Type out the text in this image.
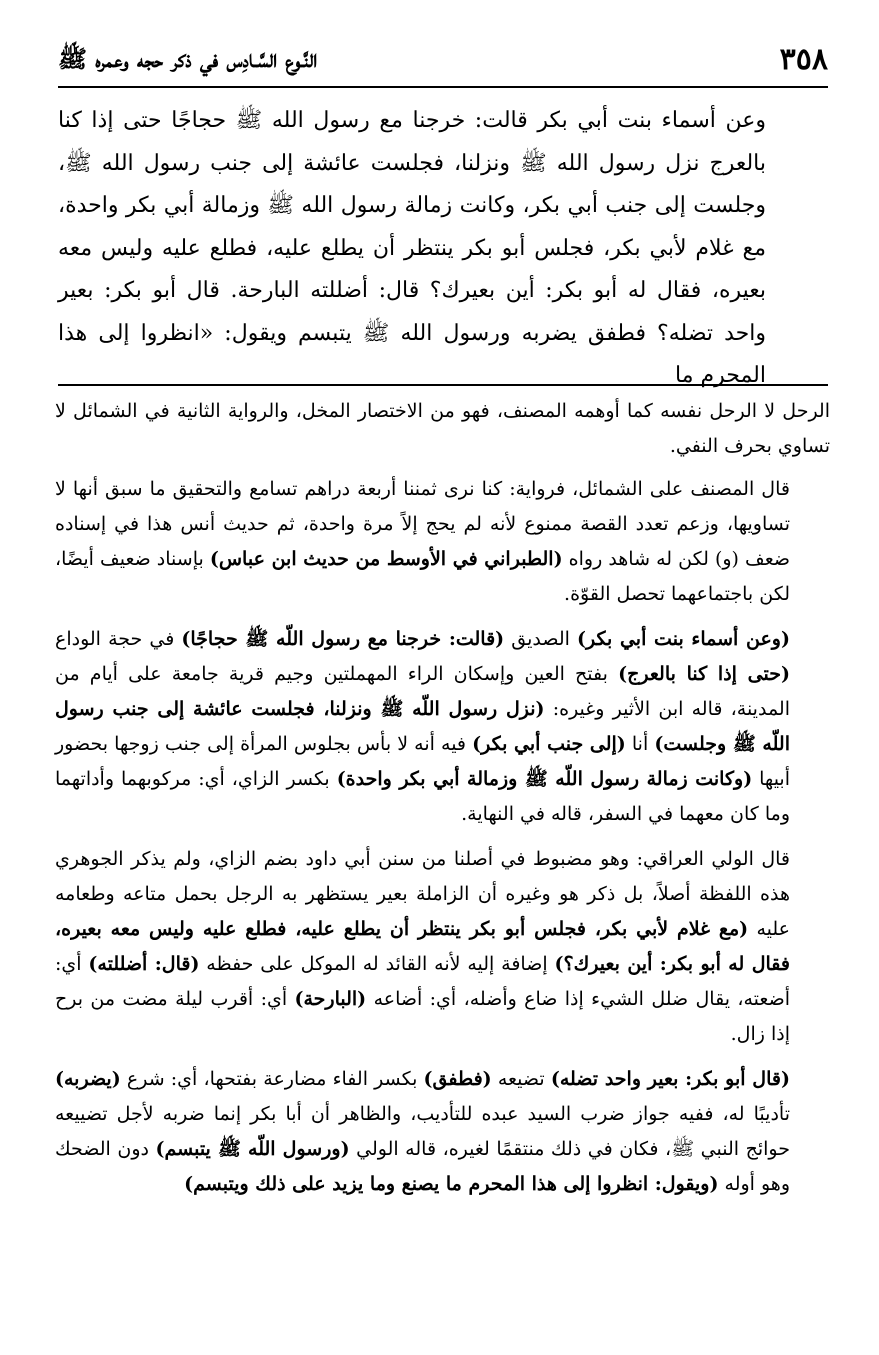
٣٥٨
النَّـوع السَّـادِس في ذكر حجه وعمره ﷺ

وعن أسماء بنت أبي بكر قالت: خرجنا مع رسول الله ﷺ حجاجًا حتى إذا كنا بالعرج نزل رسول الله ﷺ ونزلنا، فجلست عائشة إلى جنب رسول الله ﷺ، وجلست إلى جنب أبي بكر، وكانت زمالة رسول الله ﷺ وزمالة أبي بكر واحدة، مع غلام لأبي بكر، فجلس أبو بكر ينتظر أن يطلع عليه، فطلع عليه وليس معه بعيره، فقال له أبو بكر: أين بعيرك؟ قال: أضللته البارحة. قال أبو بكر: بعير واحد تضله؟ فطفق يضربه ورسول الله ﷺ يتبسم ويقول: «انظروا إلى هذا المحرم ما

الرحل لا الرحل نفسه كما أوهمه المصنف، فهو من الاختصار المخل، والرواية الثانية في الشمائل لا تساوي بحرف النفي.

قال المصنف على الشمائل، فرواية: كنا نرى ثمننا أربعة دراهم تسامع والتحقيق ما سبق أنها لا تساويها، وزعم تعدد القصة ممنوع لأنه لم يحج إلاً مرة واحدة، ثم حديث أنس هذا في إسناده ضعف (و) لكن له شاهد رواه (الطبراني في الأوسط من حديث ابن عباس) بإسناد ضعيف أيضًا، لكن باجتماعهما تحصل القوّة.

(وعن أسماء بنت أبي بكر) الصديق (قالت: خرجنا مع رسول اللّه ﷺ حجاجًا) في حجة الوداع (حتى إذا كنا بالعرج) بفتح العين وإسكان الراء المهملتين وجيم قرية جامعة على أيام من المدينة، قاله ابن الأثير وغيره: (نزل رسول اللّه ﷺ ونزلنا، فجلست عائشة إلى جنب رسول اللّه ﷺ وجلست) أنا (إلى جنب أبي بكر) فيه أنه لا بأس بجلوس المرأة إلى جنب زوجها بحضور أبيها (وكانت زمالة رسول اللّه ﷺ وزمالة أبي بكر واحدة) بكسر الزاي، أي: مركوبهما وأداتهما وما كان معهما في السفر، قاله في النهاية.

قال الولي العراقي: وهو مضبوط في أصلنا من سنن أبي داود بضم الزاي، ولم يذكر الجوهري هذه اللفظة أصلاً، بل ذكر هو وغيره أن الزاملة بعير يستظهر به الرجل بحمل متاعه وطعامه عليه (مع غلام لأبي بكر، فجلس أبو بكر ينتظر أن يطلع عليه، فطلع عليه وليس معه بعيره، فقال له أبو بكر: أين بعيرك؟) إضافة إليه لأنه القائد له الموكل على حفظه (قال: أضللته) أي: أضعته، يقال ضلل الشيء إذا ضاع وأضله، أي: أضاعه (البارحة) أي: أقرب ليلة مضت من برح إذا زال.

(قال أبو بكر: بعير واحد تضله) تضيعه (فطفق) بكسر الفاء مضارعة بفتحها، أي: شرع (يضربه) تأديبًا له، ففيه جواز ضرب السيد عبده للتأديب، والظاهر أن أبا بكر إنما ضربه لأجل تضييعه حوائج النبي ﷺ، فكان في ذلك منتقمًا لغيره، قاله الولي (ورسول اللّه ﷺ يتبسم) دون الضحك وهو أوله (ويقول: انظروا إلى هذا المحرم ما يصنع وما يزيد على ذلك ويتبسم)
